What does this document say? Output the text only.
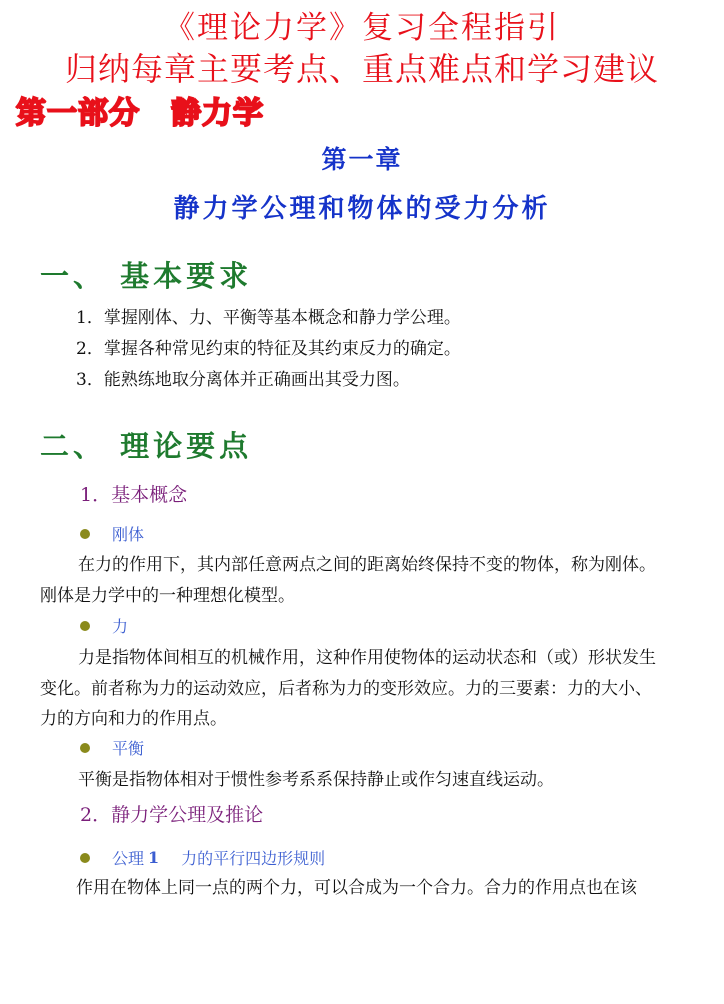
《理论力学》复习全程指引
归纳每章主要考点、重点难点和学习建议
第一部分　静力学
第一章
静力学公理和物体的受力分析
一、 基本要求
1．掌握刚体、力、平衡等基本概念和静力学公理。
2．掌握各种常见约束的特征及其约束反力的确定。
3．能熟练地取分离体并正确画出其受力图。
二、 理论要点
1．基本概念
刚体
在力的作用下，其内部任意两点之间的距离始终保持不变的物体，称为刚体。
刚体是力学中的一种理想化模型。
力
力是指物体间相互的机械作用，这种作用使物体的运动状态和（或）形状发生
变化。前者称为力的运动效应，后者称为力的变形效应。力的三要素：力的大小、
力的方向和力的作用点。
平衡
平衡是指物体相对于惯性参考系系保持静止或作匀速直线运动。
2．静力学公理及推论
公理 1 力的平行四边形规则
作用在物体上同一点的两个力，可以合成为一个合力。合力的作用点也在该
